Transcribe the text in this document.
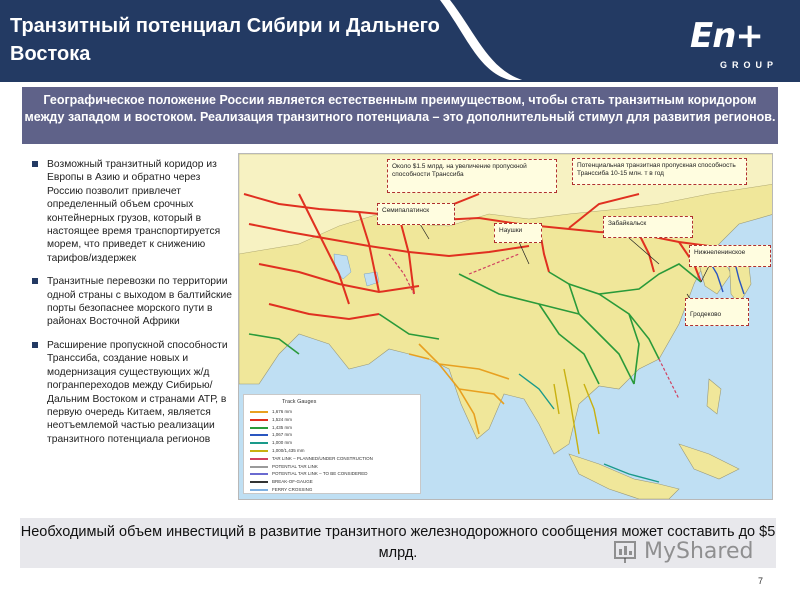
Транзитный потенциал Сибири и Дальнего Востока	En+
GROUP
Географическое положение России является естественным преимуществом, чтобы стать транзитным коридором между западом и востоком. Реализация транзитного потенциала – это дополнительный стимул для развития регионов.
Возможный транзитный коридор из Европы в Азию и обратно через Россию позволит привлечет определенный объем срочных контейнерных грузов, который в настоящее время транспортируется морем, что приведет к снижению тарифов/издержек
Транзитные перевозки по территории одной страны с выходом в балтийские порты безопаснее морского пути в районах Восточной Африки
Расширение пропускной способности Транссиба, создание новых и модернизация существующих ж/д погранпереходов между Сибирью/Дальним Востоком и странами АТР, в первую очередь Китаем, является неотъемлемой частью реализации транзитного потенциала регионов
Около $1.5 млрд. на увеличение пропускной способности Транссиба
Потенциальная транзитная пропускная способность Транссиба 10-15 млн. т в год
Семипалатинск
Наушки
Забайкальск
Нижнеленинское
Гродеково
Track Gauges
1,676 mm
1,524 mm
1,435 mm
1,067 mm
1,000 mm
1,000/1,435 mm
TAR LINK – PLANNED/UNDER CONSTRUCTION
POTENTIAL TAR LINK
POTENTIAL TAR LINK – TO BE CONSIDERED
BREAK-OF-GAUGE
FERRY CROSSING
Необходимый объем инвестиций в развитие транзитного железнодорожного сообщения может составить до $5 млрд.	MyShared
7
